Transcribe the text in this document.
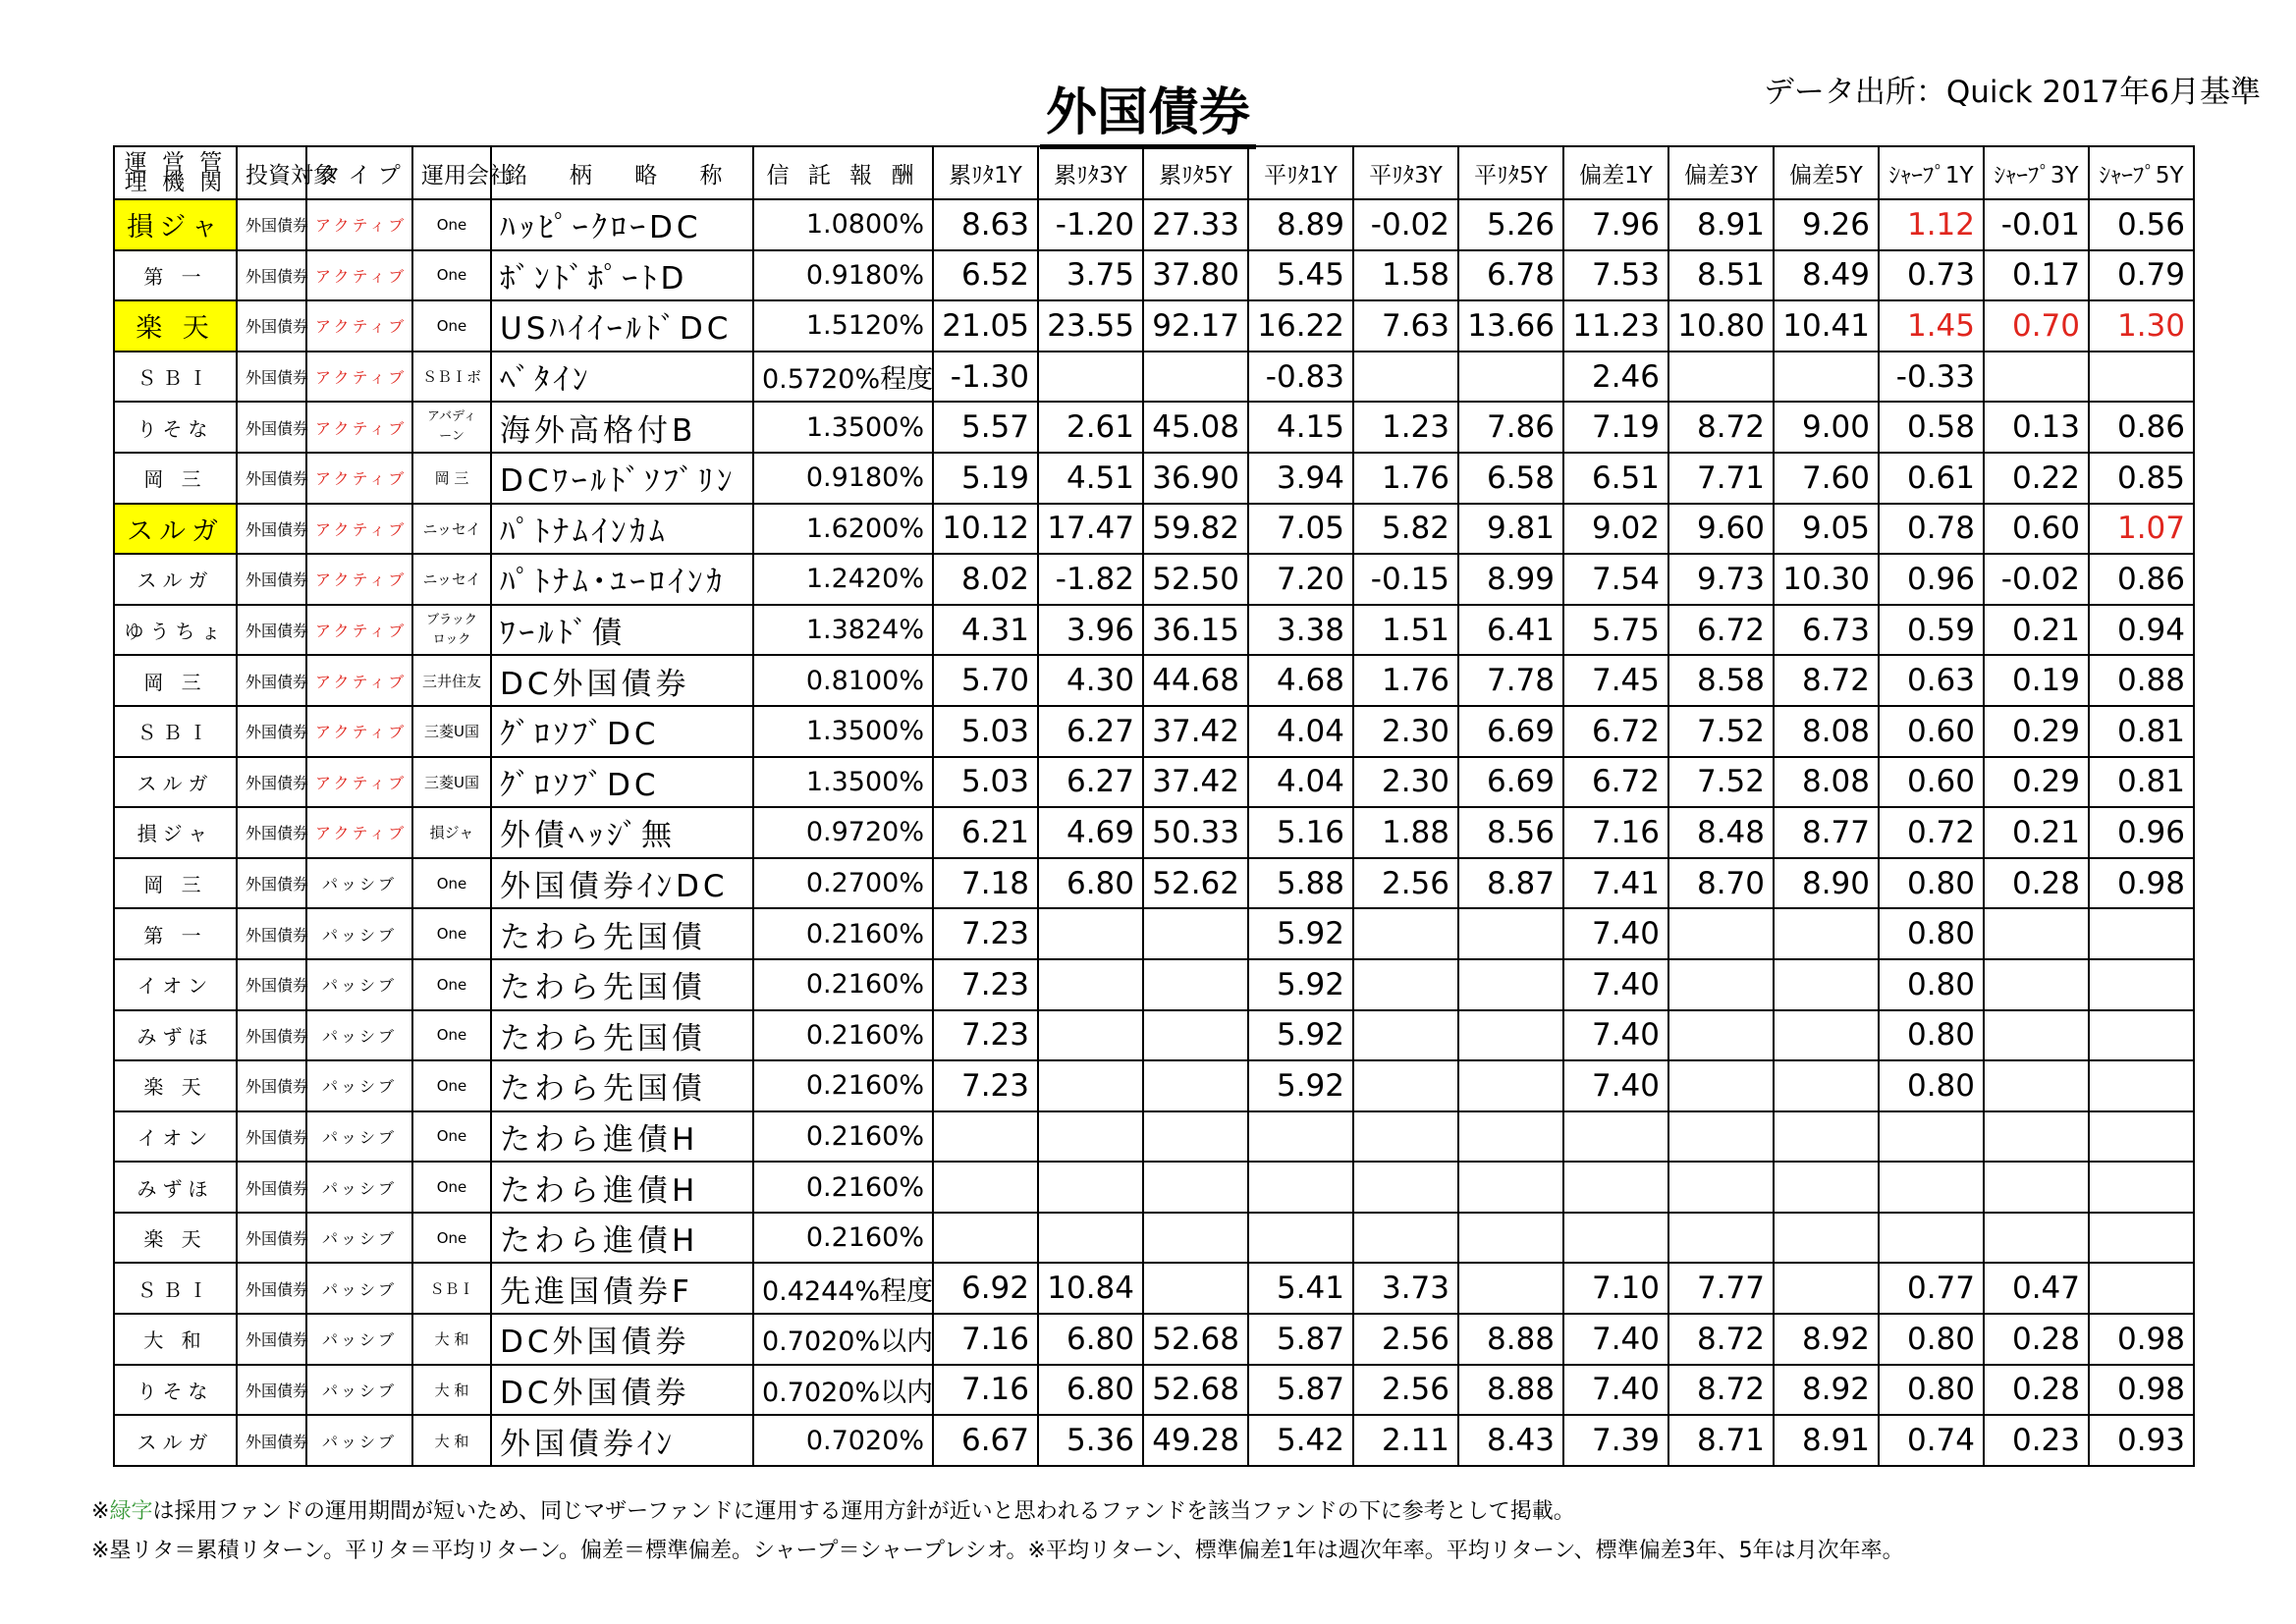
外国債券	データ出所：Quick 2017年6月基準
運 営 管
理 機 関	投資対象	タ イ プ	運用会社	銘 柄 略 称	信 託 報 酬	累ﾘﾀ1Y	累ﾘﾀ3Y	累ﾘﾀ5Y	平ﾘﾀ1Y	平ﾘﾀ3Y	平ﾘﾀ5Y	偏差1Y	偏差3Y	偏差5Y	ｼｬｰﾌﾟ1Y	ｼｬｰﾌﾟ3Y	ｼｬｰﾌﾟ5Y
損ジャ	外国債券	アクティブ	One	ﾊｯﾋﾟｰｸﾛｰDC	1.0800%	8.63	-1.20	27.33	8.89	-0.02	5.26	7.96	8.91	9.26	1.12	-0.01	0.56
第 一	外国債券	アクティブ	One	ﾎﾞﾝﾄﾞﾎﾟｰﾄD	0.9180%	6.52	3.75	37.80	5.45	1.58	6.78	7.53	8.51	8.49	0.73	0.17	0.79
楽 天	外国債券	アクティブ	One	USﾊｲｲｰﾙﾄﾞDC	1.5120%	21.05	23.55	92.17	16.22	7.63	13.66	11.23	10.80	10.41	1.45	0.70	1.30
ＳＢＩ	外国債券	アクティブ	ＳＢＩボ	ﾍﾞﾀｲﾝ	0.5720%程度	-1.30			-0.83			2.46			-0.33		
りそな	外国債券	アクティブ	アバディーン	海外高格付B	1.3500%	5.57	2.61	45.08	4.15	1.23	7.86	7.19	8.72	9.00	0.58	0.13	0.86
岡 三	外国債券	アクティブ	岡 三	DCﾜｰﾙﾄﾞｿﾌﾞﾘﾝ	0.9180%	5.19	4.51	36.90	3.94	1.76	6.58	6.51	7.71	7.60	0.61	0.22	0.85
スルガ	外国債券	アクティブ	ニッセイ	ﾊﾟﾄﾅﾑｲﾝｶﾑ	1.6200%	10.12	17.47	59.82	7.05	5.82	9.81	9.02	9.60	9.05	0.78	0.60	1.07
スルガ	外国債券	アクティブ	ニッセイ	ﾊﾟﾄﾅﾑ･ﾕｰﾛｲﾝｶ	1.2420%	8.02	-1.82	52.50	7.20	-0.15	8.99	7.54	9.73	10.30	0.96	-0.02	0.86
ゆうちょ	外国債券	アクティブ	ブラックロック	ﾜｰﾙﾄﾞ債	1.3824%	4.31	3.96	36.15	3.38	1.51	6.41	5.75	6.72	6.73	0.59	0.21	0.94
岡 三	外国債券	アクティブ	三井住友	DC外国債券	0.8100%	5.70	4.30	44.68	4.68	1.76	7.78	7.45	8.58	8.72	0.63	0.19	0.88
ＳＢＩ	外国債券	アクティブ	三菱U国	ｸﾞﾛｿﾌﾞDC	1.3500%	5.03	6.27	37.42	4.04	2.30	6.69	6.72	7.52	8.08	0.60	0.29	0.81
スルガ	外国債券	アクティブ	三菱U国	ｸﾞﾛｿﾌﾞDC	1.3500%	5.03	6.27	37.42	4.04	2.30	6.69	6.72	7.52	8.08	0.60	0.29	0.81
損ジャ	外国債券	アクティブ	損ジャ	外債ﾍｯｼﾞ無	0.9720%	6.21	4.69	50.33	5.16	1.88	8.56	7.16	8.48	8.77	0.72	0.21	0.96
岡 三	外国債券	パッシブ	One	外国債券ｲﾝDC	0.2700%	7.18	6.80	52.62	5.88	2.56	8.87	7.41	8.70	8.90	0.80	0.28	0.98
第 一	外国債券	パッシブ	One	たわら先国債	0.2160%	7.23			5.92			7.40			0.80		
イオン	外国債券	パッシブ	One	たわら先国債	0.2160%	7.23			5.92			7.40			0.80		
みずほ	外国債券	パッシブ	One	たわら先国債	0.2160%	7.23			5.92			7.40			0.80		
楽 天	外国債券	パッシブ	One	たわら先国債	0.2160%	7.23			5.92			7.40			0.80		
イオン	外国債券	パッシブ	One	たわら進債H	0.2160%												
みずほ	外国債券	パッシブ	One	たわら進債H	0.2160%												
楽 天	外国債券	パッシブ	One	たわら進債H	0.2160%												
ＳＢＩ	外国債券	パッシブ	ＳＢＩ	先進国債券F	0.4244%程度	6.92	10.84		5.41	3.73		7.10	7.77		0.77	0.47	
大 和	外国債券	パッシブ	大 和	DC外国債券	0.7020%以内	7.16	6.80	52.68	5.87	2.56	8.88	7.40	8.72	8.92	0.80	0.28	0.98
りそな	外国債券	パッシブ	大 和	DC外国債券	0.7020%以内	7.16	6.80	52.68	5.87	2.56	8.88	7.40	8.72	8.92	0.80	0.28	0.98
スルガ	外国債券	パッシブ	大 和	外国債券ｲﾝ	0.7020%	6.67	5.36	49.28	5.42	2.11	8.43	7.39	8.71	8.91	0.74	0.23	0.93
※緑字は採用ファンドの運用期間が短いため、同じマザーファンドに運用する運用方針が近いと思われるファンドを該当ファンドの下に参考として掲載。
※塁リタ＝累積リターン。平リタ＝平均リターン。偏差＝標準偏差。シャープ＝シャープレシオ。※平均リターン、標準偏差1年は週次年率。平均リターン、標準偏差3年、5年は月次年率。
